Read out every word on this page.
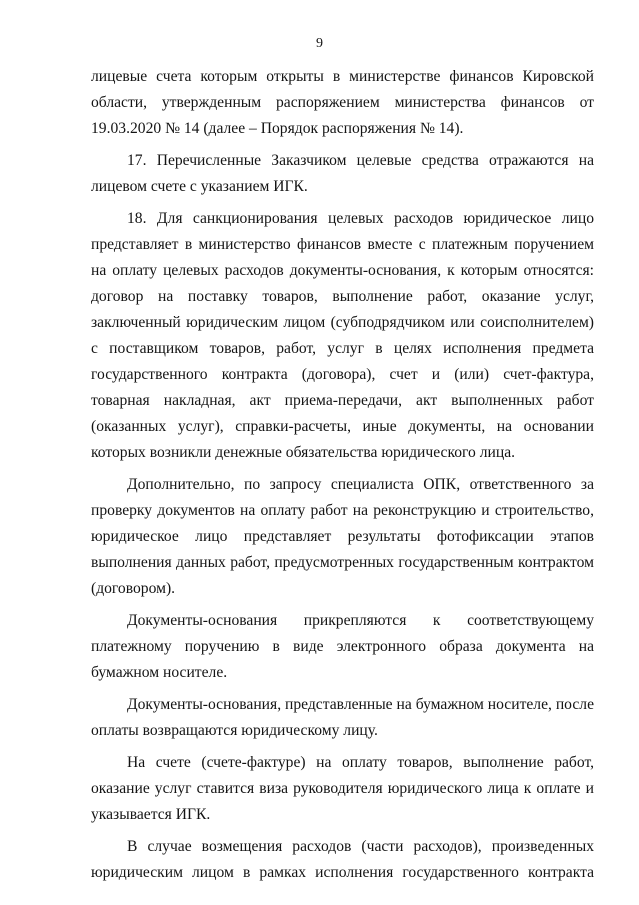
9

лицевые счета которым открыты в министерстве финансов Кировской области, утвержденным распоряжением министерства финансов от 19.03.2020 № 14 (далее – Порядок распоряжения № 14).

17. Перечисленные Заказчиком целевые средства отражаются на лицевом счете с указанием ИГК.

18. Для санкционирования целевых расходов юридическое лицо представляет в министерство финансов вместе с платежным поручением на оплату целевых расходов документы-основания, к которым относятся: договор на поставку товаров, выполнение работ, оказание услуг, заключенный юридическим лицом (субподрядчиком или соисполнителем) с поставщиком товаров, работ, услуг в целях исполнения предмета государственного контракта (договора), счет и (или) счет-фактура, товарная накладная, акт приема-передачи, акт выполненных работ (оказанных услуг), справки-расчеты, иные документы, на основании которых возникли денежные обязательства юридического лица.

Дополнительно, по запросу специалиста ОПК, ответственного за проверку документов на оплату работ на реконструкцию и строительство, юридическое лицо представляет результаты фотофиксации этапов выполнения данных работ, предусмотренных государственным контрактом (договором).

Документы-основания прикрепляются к соответствующему платежному поручению в виде электронного образа документа на бумажном носителе.

Документы-основания, представленные на бумажном носителе, после оплаты возвращаются юридическому лицу.

На счете (счете-фактуре) на оплату товаров, выполнение работ, оказание услуг ставится виза руководителя юридического лица к оплате и указывается ИГК.

В случае возмещения расходов (части расходов), произведенных юридическим лицом в рамках исполнения государственного контракта
